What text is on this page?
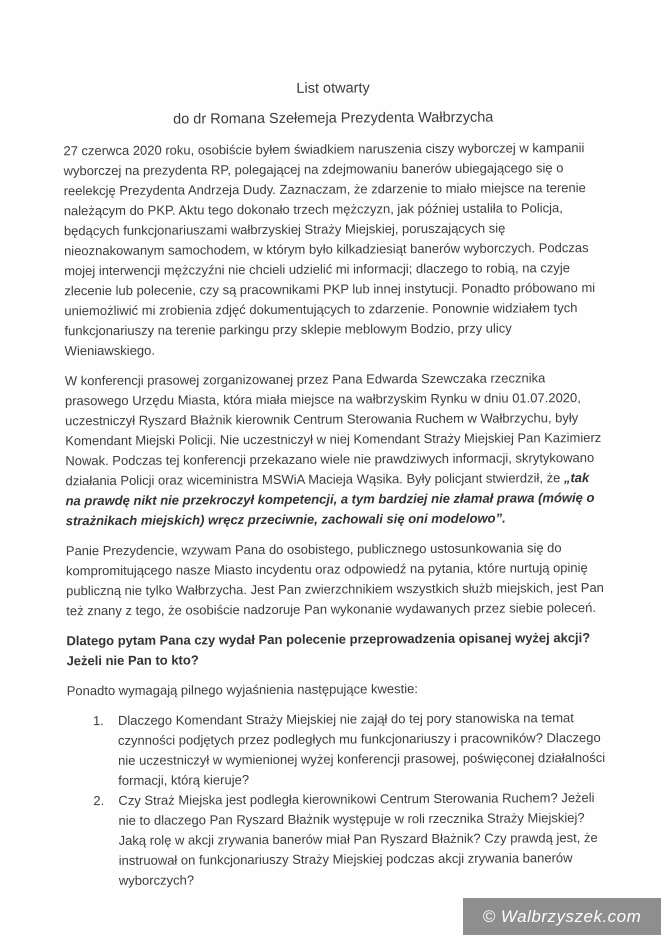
List otwarty
do dr Romana Szełemeja Prezydenta Wałbrzycha

27 czerwca 2020 roku, osobiście byłem świadkiem naruszenia ciszy wyborczej w kampanii wyborczej na prezydenta RP, polegającej na zdejmowaniu banerów ubiegającego się o reelekcję Prezydenta Andrzeja Dudy. Zaznaczam, że zdarzenie to miało miejsce na terenie należącym do PKP. Aktu tego dokonało trzech mężczyzn, jak później ustaliła to Policja, będących funkcjonariuszami wałbrzyskiej Straży Miejskiej, poruszających się nieoznakowanym samochodem, w którym było kilkadziesiąt banerów wyborczych. Podczas mojej interwencji mężczyźni nie chcieli udzielić mi informacji; dlaczego to robią, na czyje zlecenie lub polecenie, czy są pracownikami PKP lub innej instytucji. Ponadto próbowano mi uniemożliwić mi zrobienia zdjęć dokumentujących to zdarzenie. Ponownie widziałem tych funkcjonariuszy na terenie parkingu przy sklepie meblowym Bodzio, przy ulicy Wieniawskiego.

W konferencji prasowej zorganizowanej przez Pana Edwarda Szewczaka rzecznika prasowego Urzędu Miasta, która miała miejsce na wałbrzyskim Rynku w dniu 01.07.2020, uczestniczył Ryszard Błażnik kierownik Centrum Sterowania Ruchem w Wałbrzychu, były Komendant Miejski Policji. Nie uczestniczył w niej Komendant Straży Miejskiej Pan Kazimierz Nowak. Podczas tej konferencji przekazano wiele nie prawdziwych informacji, skrytykowano działania Policji oraz wiceministra MSWiA Macieja Wąsika. Były policjant stwierdził, że „tak na prawdę nikt nie przekroczył kompetencji, a tym bardziej nie złamał prawa (mówię o strażnikach miejskich) wręcz przeciwnie, zachowali się oni modelowo”.

Panie Prezydencie, wzywam Pana do osobistego, publicznego ustosunkowania się do kompromitującego nasze Miasto incydentu oraz odpowiedź na pytania, które nurtują opinię publiczną nie tylko Wałbrzycha. Jest Pan zwierzchnikiem wszystkich służb miejskich, jest Pan też znany z tego, że osobiście nadzoruje Pan wykonanie wydawanych przez siebie poleceń.

Dlatego pytam Pana czy wydał Pan polecenie przeprowadzenia opisanej wyżej akcji? Jeżeli nie Pan to kto?

Ponadto wymagają pilnego wyjaśnienia następujące kwestie:

1.	Dlaczego Komendant Straży Miejskiej nie zajął do tej pory stanowiska na temat czynności podjętych przez podległych mu funkcjonariuszy i pracowników? Dlaczego nie uczestniczył w wymienionej wyżej konferencji prasowej, poświęconej działalności formacji, którą kieruje?
2.	Czy Straż Miejska jest podległa kierownikowi Centrum Sterowania Ruchem? Jeżeli nie to dlaczego Pan Ryszard Błażnik występuje w roli rzecznika Straży Miejskiej? Jaką rolę w akcji zrywania banerów miał Pan Ryszard Błażnik? Czy prawdą jest, że instruował on funkcjonariuszy Straży Miejskiej podczas akcji zrywania banerów wyborczych?
© Walbrzyszek.com
